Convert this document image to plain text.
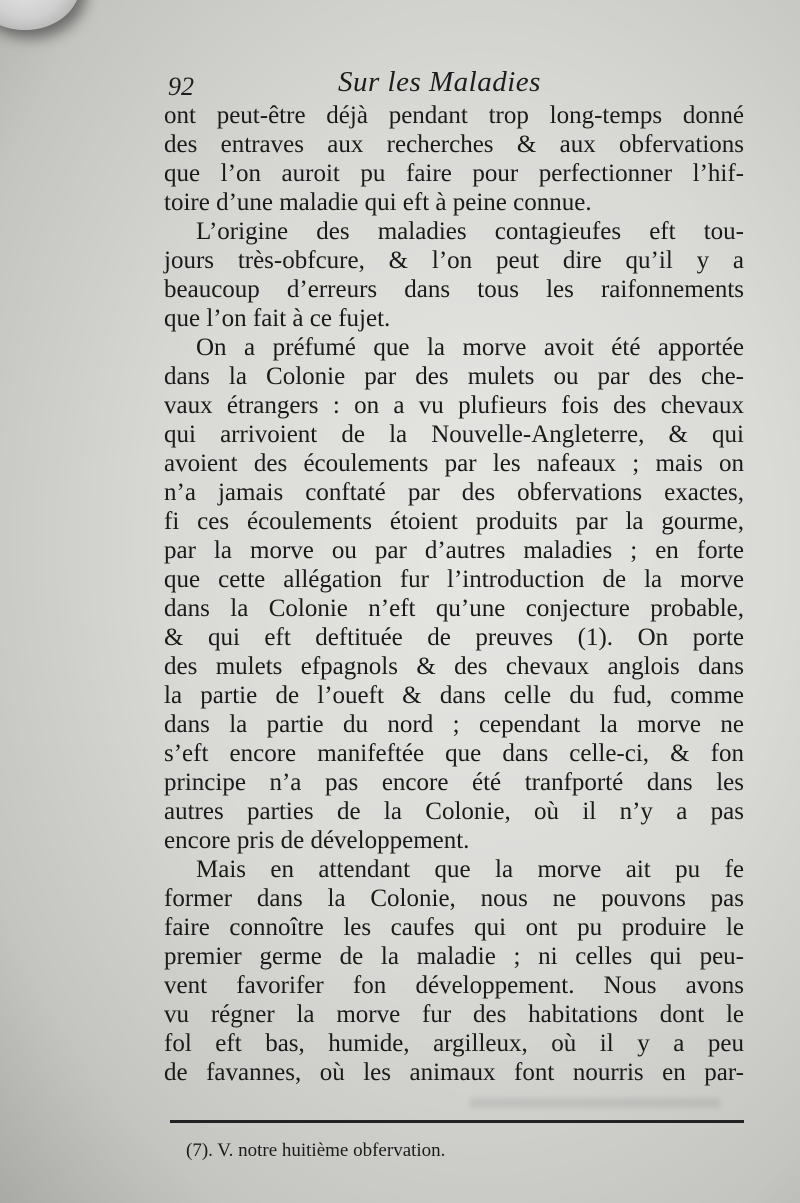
92	Sur les Maladies
ont peut-être déjà pendant trop long-temps donné
des entraves aux recherches & aux obfervations
que l’on auroit pu faire pour perfectionner l’hif-
toire d’une maladie qui eft à peine connue.
L’origine des maladies contagieufes eft tou-
jours très-obfcure, & l’on peut dire qu’il y a
beaucoup d’erreurs dans tous les raifonnements
que l’on fait à ce fujet.
On a préfumé que la morve avoit été apportée
dans la Colonie par des mulets ou par des che-
vaux étrangers : on a vu plufieurs fois des chevaux
qui arrivoient de la Nouvelle-Angleterre, & qui
avoient des écoulements par les nafeaux ; mais on
n’a jamais conftaté par des obfervations exactes,
fi ces écoulements étoient produits par la gourme,
par la morve ou par d’autres maladies ; en forte
que cette allégation fur l’introduction de la morve
dans la Colonie n’eft qu’une conjecture probable,
& qui eft deftituée de preuves (1). On porte
des mulets efpagnols & des chevaux anglois dans
la partie de l’oueft & dans celle du fud, comme
dans la partie du nord ; cependant la morve ne
s’eft encore manifeftée que dans celle-ci, & fon
principe n’a pas encore été tranfporté dans les
autres parties de la Colonie, où il n’y a pas
encore pris de développement.
Mais en attendant que la morve ait pu fe
former dans la Colonie, nous ne pouvons pas
faire connoître les caufes qui ont pu produire le
premier germe de la maladie ; ni celles qui peu-
vent favorifer fon développement. Nous avons
vu régner la morve fur des habitations dont le
fol eft bas, humide, argilleux, où il y a peu
de favannes, où les animaux font nourris en par-
(7). V. notre huitième obfervation.
